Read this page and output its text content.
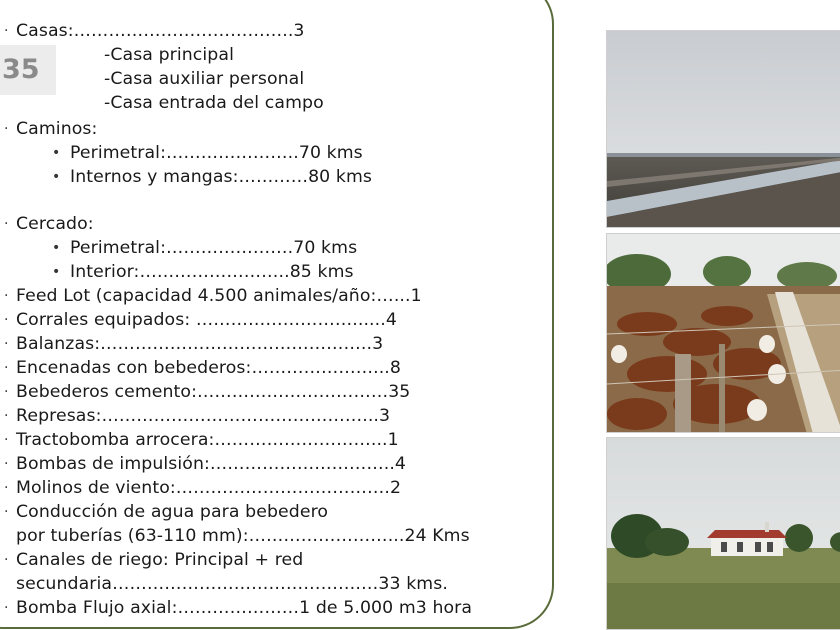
35
· Casas:………………………………..3
-Casa principal
-Casa auxiliar personal
-Casa entrada del campo
· Caminos:
• Perimetral:…………………..70 kms
• Internos y mangas:…………80 kms
· Cercado:
• Perimetral:………………….70 kms
• Interior:……………………..85 kms
· Feed Lot (capacidad 4.500 animales/año:…...1
· Corrales equipados: ………………………......4
· Balanzas:………………………………………..3
· Encenadas con bebederos:…………………...8
· Bebederos cemento:……………………………35
· Represas:………………………………………...3
· Tractobomba arrocera:………………………...1
· Bombas de impulsión:…………………………..4
· Molinos de viento:……………………………….2
· Conducción de agua para bebedero
por tuberías (63-110 mm):……………………...24 Kms
· Canales de riego: Principal + red
secundaria…………………………………….…33 kms.
· Bomba Flujo axial:…………………1 de 5.000 m3 hora
